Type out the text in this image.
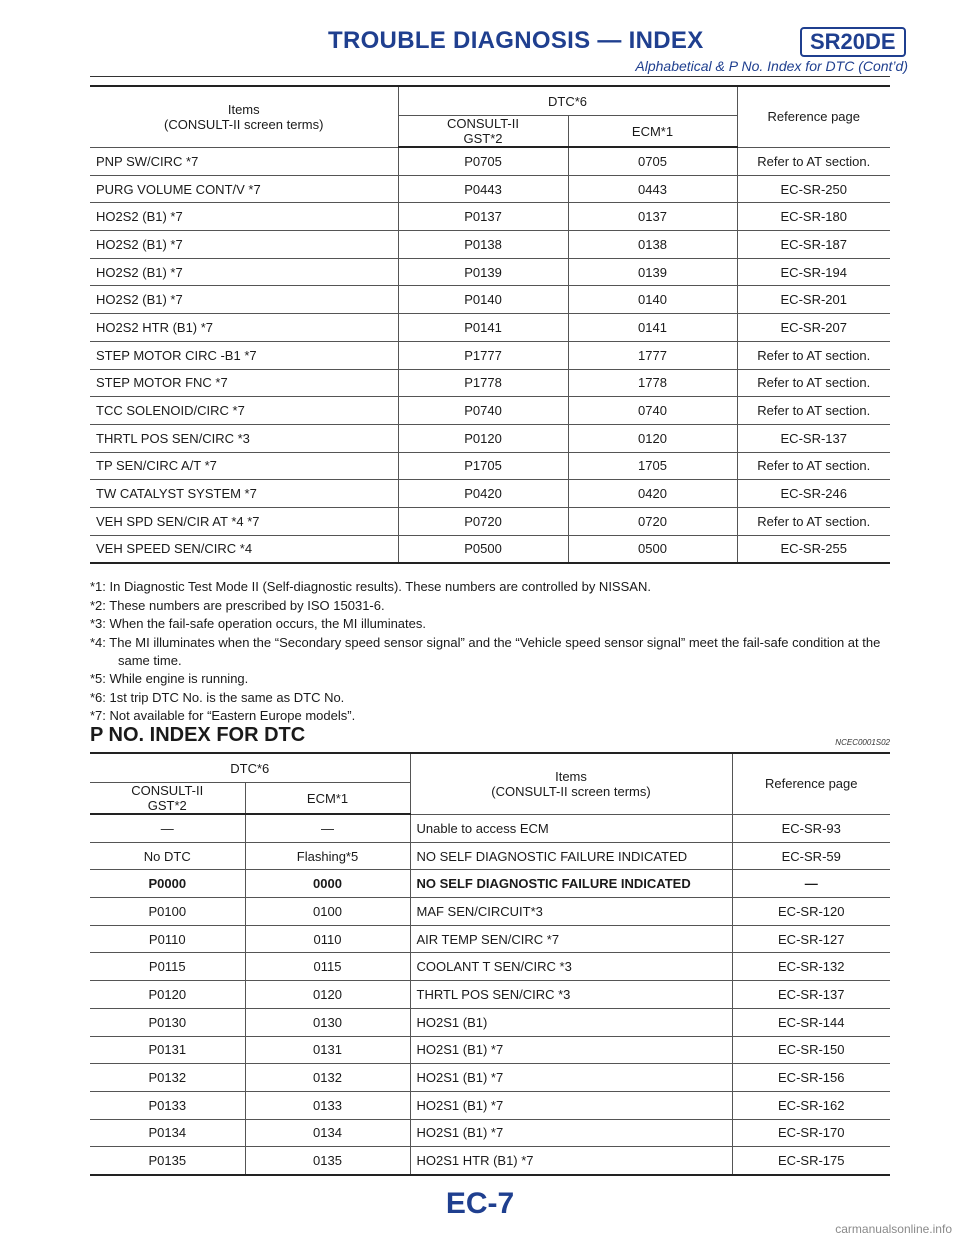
TROUBLE DIAGNOSIS — INDEX	SR20DE
Alphabetical & P No. Index for DTC (Cont’d)
Items
(CONSULT-II screen terms)	DTC*6		Reference page

	CONSULT-II
GST*2	ECM*1	
PNP SW/CIRC *7	P0705	0705	Refer to AT section.
PURG VOLUME CONT/V *7	P0443	0443	EC-SR-250
HO2S2 (B1) *7	P0137	0137	EC-SR-180
HO2S2 (B1) *7	P0138	0138	EC-SR-187
HO2S2 (B1) *7	P0139	0139	EC-SR-194
HO2S2 (B1) *7	P0140	0140	EC-SR-201
HO2S2 HTR (B1) *7	P0141	0141	EC-SR-207
STEP MOTOR CIRC -B1 *7	P1777	1777	Refer to AT section.
STEP MOTOR FNC *7	P1778	1778	Refer to AT section.
TCC SOLENOID/CIRC *7	P0740	0740	Refer to AT section.
THRTL POS SEN/CIRC *3	P0120	0120	EC-SR-137
TP SEN/CIRC A/T *7	P1705	1705	Refer to AT section.
TW CATALYST SYSTEM *7	P0420	0420	EC-SR-246
VEH SPD SEN/CIR AT *4 *7	P0720	0720	Refer to AT section.
VEH SPEED SEN/CIRC *4	P0500	0500	EC-SR-255
*1: In Diagnostic Test Mode II (Self-diagnostic results). These numbers are controlled by NISSAN.
*2: These numbers are prescribed by ISO 15031-6.
*3: When the fail-safe operation occurs, the MI illuminates.
*4: The MI illuminates when the “Secondary speed sensor signal” and the “Vehicle speed sensor signal” meet the fail-safe condition at the same time.
*5: While engine is running.
*6: 1st trip DTC No. is the same as DTC No.
*7: Not available for “Eastern Europe models”.
P NO. INDEX FOR DTC	NCEC0001S02
DTC*6		Items
(CONSULT-II screen terms)	Reference page

CONSULT-II
GST*2	ECM*1		
—	—	Unable to access ECM	EC-SR-93
No DTC	Flashing*5	NO SELF DIAGNOSTIC FAILURE INDICATED	EC-SR-59
P0000	0000	NO SELF DIAGNOSTIC FAILURE INDICATED	—
P0100	0100	MAF SEN/CIRCUIT*3	EC-SR-120
P0110	0110	AIR TEMP SEN/CIRC *7	EC-SR-127
P0115	0115	COOLANT T SEN/CIRC *3	EC-SR-132
P0120	0120	THRTL POS SEN/CIRC *3	EC-SR-137
P0130	0130	HO2S1 (B1)	EC-SR-144
P0131	0131	HO2S1 (B1) *7	EC-SR-150
P0132	0132	HO2S1 (B1) *7	EC-SR-156
P0133	0133	HO2S1 (B1) *7	EC-SR-162
P0134	0134	HO2S1 (B1) *7	EC-SR-170
P0135	0135	HO2S1 HTR (B1) *7	EC-SR-175
EC-7
carmanualsonline.info
